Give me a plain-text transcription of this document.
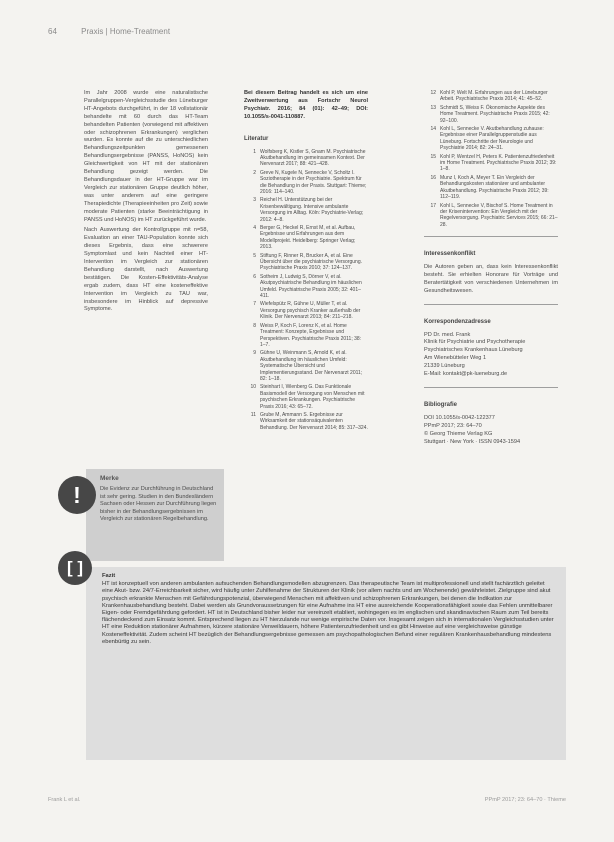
64	Praxis | Home-Treatment

Im Jahr 2008 wurde eine naturalistische Parallelgruppen-Vergleichsstudie des Lüneburger HT-Angebots durchgeführt, in der 18 vollstationär behandelte mit 60 durch das HT-Team behandelten Patienten (vorwiegend mit affektiven oder schizophrenen Erkrankungen) verglichen wurden. Es konnte auf die zu unterschiedlichen Behandlungszeitpunkten gemessenen Behandlungsergebnisse (PANSS, HoNOS) kein Gleichwertigkeit von HT mit der stationären Behandlung gezeigt werden. Die Behandlungsdauer in der HT-Gruppe war im Vergleich zur stationären Gruppe deutlich höher, was unter anderem auf eine geringere Therapiedichte (Therapieeinheiten pro Zeit) sowie moderate Patienten (starke Beeinträchtigung in PANSS und HoNOS) im HT zurückgeführt wurde.

Nach Auswertung der Kontrollgruppe mit n=58, Evaluation an einer TAU-Population konnte sich dieses Ergebnis, dass eine schwerere Symptomlast und kein Nachteil einer HT-Intervention im Vergleich zur stationären Behandlung darstellt, nach Auswertung bestätigen. Die Kosten-Effektivitäts-Analyse ergab zudem, dass HT eine kosteneffektive Intervention im Vergleich zu TAU war, insbesondere im Hinblick auf depressive Symptome.

Bei diesem Beitrag handelt es sich um eine Zweitverwertung aus Fortschr Neurol Psychiatr. 2016; 84 (01): 42–49; DOI: 10.1055/s-0041-110887.

Literatur
1 Wolfsberg K, Kistler S, Gnam M. Psychiatrische Akutbehandlung im gemeinsamen Kontext. Der Nervenarzt 2017; 88: 421–428.
2 Greve N, Kugele N, Sennecke V, Scholtz I. Soziotherapie in der Psychiatrie. Spektrum für die Behandlung in der Praxis. Stuttgart: Thieme; 2016: 114–140.
3 Reichel H. Unterstützung bei der Krisenbewältigung. Intensive ambulante Versorgung im Alltag. Köln: Psychiatrie-Verlag; 2012: 4–8.
4 Berger G, Heckel R, Ernst M, et al. Aufbau, Ergebnisse und Erfahrungen aus dem Modellprojekt. Heidelberg: Springer Verlag; 2013.
5 Stiftung F, Rinner R, Brucker A, et al. Eine Übersicht über die psychiatrische Versorgung. Psychiatrische Praxis 2010; 37: 124–137.
6 Sotheim J, Ludwig S, Dörner V, et al. Akutpsychiatrische Behandlung im häuslichen Umfeld. Psychiatrische Praxis 2005; 32: 401–411.
7 Wiefelspütz R, Gühne U, Müller T, et al. Versorgung psychisch Kranker außerhalb der Klinik. Der Nervenarzt 2013; 84: 211–218.
8 Weiss P, Koch F, Lorenz K, et al. Home Treatment: Konzepte, Ergebnisse und Perspektiven. Psychiatrische Praxis 2011; 38: 1–7.
9 Gühne U, Weinmann S, Arnold K, et al. Akutbehandlung im häuslichen Umfeld: Systematische Übersicht und Implementierungsstand. Der Nervenarzt 2011; 82: 1–18.
10 Steinhart I, Wienberg G. Das Funktionale Basismodell der Versorgung von Menschen mit psychischen Erkrankungen. Psychiatrische Praxis 2016; 43: 65–72.
11 Grube M, Ammann S. Ergebnisse zur Wirksamkeit der stationsäquivalenten Behandlung. Der Nervenarzt 2014; 85: 317–324.
12 Kohl P, Welt M. Erfahrungen aus der Lüneburger Arbeit. Psychiatrische Praxis 2014; 41: 45–52.
13 Schmidt S, Weiss F. Ökonomische Aspekte des Home Treatment. Psychiatrische Praxis 2015; 42: 92–100.
14 Kohl L, Sennecke V. Akutbehandlung zuhause: Ergebnisse einer Parallelgruppenstudie aus Lüneburg. Fortschritte der Neurologie und Psychiatrie 2014; 82: 24–31.
15 Kohl P, Wentzel H, Peters K. Patientenzufriedenheit im Home Treatment. Psychiatrische Praxis 2012; 39: 1–8.
16 Munz I, Koch A, Meyer T. Ein Vergleich der Behandlungskosten stationärer und ambulanter Akutbehandlung. Psychiatrische Praxis 2012; 39: 112–119.
17 Kohl L, Sennecke V, Bischof S. Home Treatment in der Krisenintervention: Ein Vergleich mit der Regelversorgung. Psychiatric Services 2015; 66: 21–28.
Interessenkonflikt

Die Autoren geben an, dass kein Interessenkonflikt besteht. Sie erhielten Honorare für Vorträge und Beratertätigkeit von verschiedenen Unternehmen im Gesundheitswesen.

Korrespondenzadresse
PD Dr. med. Frank
Klinik für Psychiatrie und Psychotherapie
Psychiatrisches Krankenhaus Lüneburg
Am Wienebütteler Weg 1
21339 Lüneburg
E-Mail: kontakt@pk-lueneburg.de
Bibliografie
DOI 10.1055/s-0042-122377
PPmP 2017; 23: 64–70
© Georg Thieme Verlag KG
Stuttgart · New York · ISSN 0943-1594
Merke
Die Evidenz zur Durchführung in Deutschland ist sehr gering. Studien in den Bundesländern Sachsen oder Hessen zur Durchführung liegen bisher in der Behandlungsergebnissen im Vergleich zur stationären Regelbehandlung.
!
Fazit
HT ist konzeptuell von anderen ambulanten aufsuchenden Behandlungsmodellen abzugrenzen. Das therapeutische Team ist multiprofessionell und stellt fachärztlich geleitet eine Akut- bzw. 24/7-Erreichbarkeit sicher, wird häufig unter Zuhilfenahme der Strukturen der Klinik (vor allem nachts und am Wochenende) gewährleistet. Zielgruppe sind akut psychisch erkrankte Menschen mit Gefährdungspotenzial, überwiegend Menschen mit affektiven und schizophrenen Erkrankungen, bei denen die Indikation zur Krankenhausbehandlung besteht. Dabei werden als Grundvoraussetzungen für eine Aufnahme ins HT eine ausreichende Kooperationsfähigkeit sowie das Fehlen unmittelbarer Eigen- oder Fremdgefährdung gefordert. HT ist in Deutschland bisher leider nur vereinzelt etabliert, wohingegen es im englischen und skandinavischen Raum zum Teil bereits flächendeckend zum Einsatz kommt. Entsprechend liegen zu HT hierzulande nur wenige empirische Daten vor. Insgesamt zeigen sich in internationalen Vergleichsstudien unter HT eine Reduktion stationärer Aufnahmen, kürzere stationäre Verweildauern, höhere Patientenzufriedenheit und es gibt Hinweise auf eine vergleichsweise günstige Kosteneffektivität. Zudem scheint HT bezüglich der Behandlungsergebnisse gemessen am psychopathologischen Befund einer regulären Krankenhausbehandlung mindestens ebenbürtig zu sein.
[ ]
Frank L et al.	PPmP 2017; 23: 64–70 · Thieme
